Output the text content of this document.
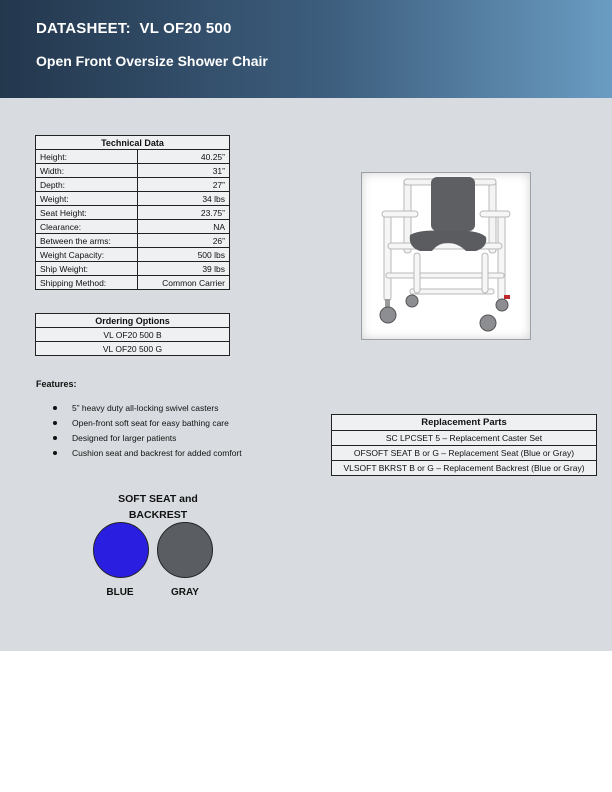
DATASHEET:  VL OF20 500
Open Front Oversize Shower Chair
Technical Data	
Height:	40.25”
Width:	31”
Depth:	27”
Weight:	34 lbs
Seat Height:	23.75”
Clearance:	NA
Between the arms:	26”
Weight Capacity:	500 lbs
Ship Weight:	39 lbs
Shipping Method:	Common Carrier
Ordering Options
VL OF20 500 B
VL OF20 500 G
Features:
5” heavy duty all-locking swivel casters
Open-front soft seat for easy bathing care
Designed for larger patients
Cushion seat and backrest for added comfort
Replacement Parts
SC LPCSET 5 – Replacement Caster Set
OFSOFT SEAT B or G – Replacement Seat (Blue or Gray)
VLSOFT BKRST B or G – Replacement Backrest (Blue or Gray)
SOFT SEAT and BACKREST
BLUE	GRAY
